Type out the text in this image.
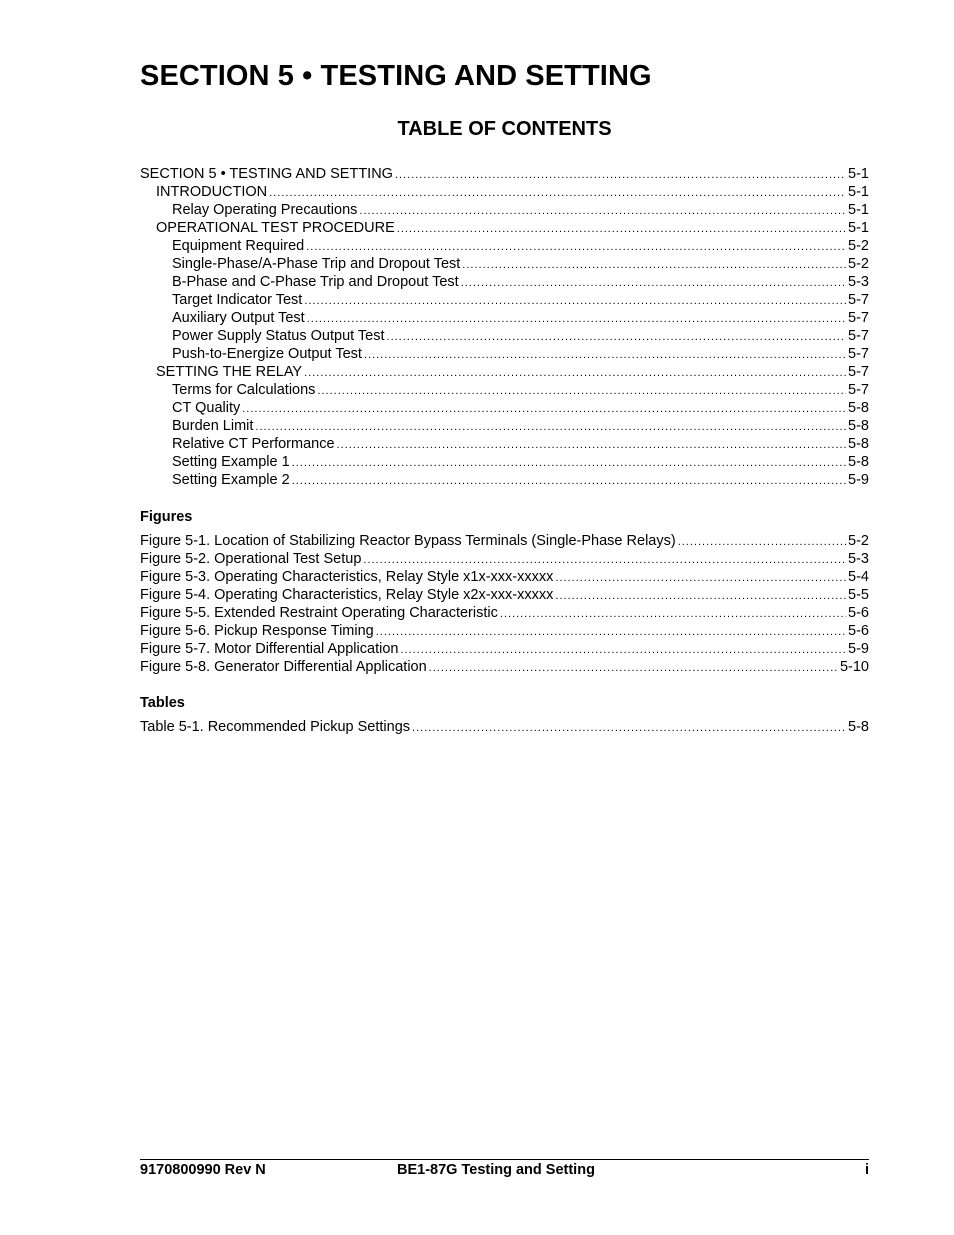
SECTION 5 • TESTING AND SETTING
TABLE OF CONTENTS
SECTION 5 • TESTING AND SETTING .....	5-1
INTRODUCTION .....	5-1
Relay Operating Precautions .....	5-1
OPERATIONAL TEST PROCEDURE .....	5-1
Equipment Required .....	5-2
Single-Phase/A-Phase Trip and Dropout Test .....	5-2
B-Phase and C-Phase Trip and Dropout Test .....	5-3
Target Indicator Test .....	5-7
Auxiliary Output Test .....	5-7
Power Supply Status Output Test .....	5-7
Push-to-Energize Output Test .....	5-7
SETTING THE RELAY .....	5-7
Terms for Calculations .....	5-7
CT Quality .....	5-8
Burden Limit .....	5-8
Relative CT Performance .....	5-8
Setting Example 1 .....	5-8
Setting Example 2 .....	5-9
Figures
Figure 5-1. Location of Stabilizing Reactor Bypass Terminals (Single-Phase Relays) .....	5-2
Figure 5-2. Operational Test Setup .....	5-3
Figure 5-3. Operating Characteristics, Relay Style x1x-xxx-xxxxx .....	5-4
Figure 5-4. Operating Characteristics, Relay Style x2x-xxx-xxxxx .....	5-5
Figure 5-5. Extended Restraint Operating Characteristic .....	5-6
Figure 5-6. Pickup Response Timing .....	5-6
Figure 5-7. Motor Differential Application .....	5-9
Figure 5-8. Generator Differential Application .....	5-10
Tables
Table 5-1. Recommended Pickup Settings .....	5-8
9170800990 Rev N	BE1-87G Testing and Setting	i
